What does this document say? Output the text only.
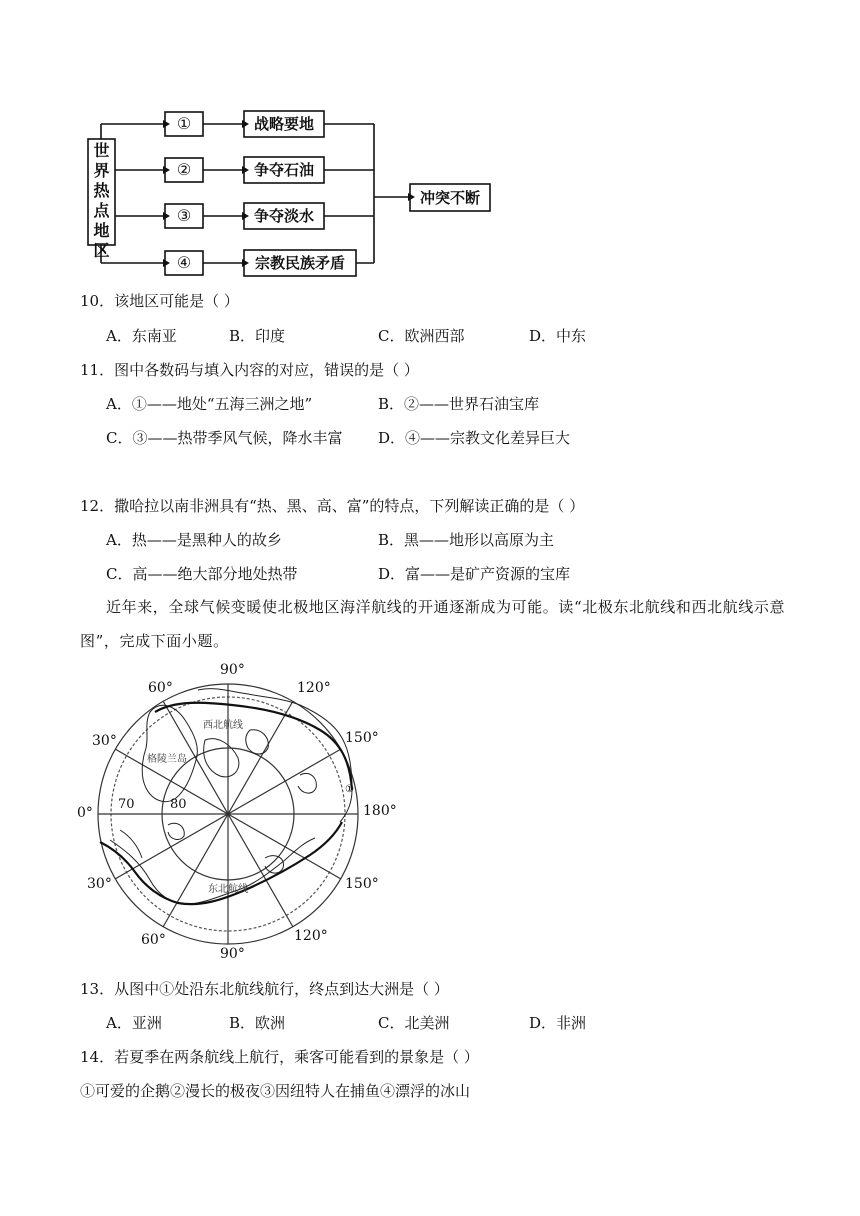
世界热点地区
①
②
③
④
战略要地
争夺石油
争夺淡水
宗教民族矛盾
冲突不断
10．该地区可能是（ ）
A．东南亚	B．印度	C．欧洲西部	D．中东
11．图中各数码与填入内容的对应，错误的是（ ）
A．①——地处“五海三洲之地”	B．②——世界石油宝库
C．③——热带季风气候，降水丰富 D．④——宗教文化差异巨大
12．撒哈拉以南非洲具有“热、黑、高、富”的特点，下列解读正确的是（ ）
A．热——是黑种人的故乡	B．黑——地形以高原为主
C．高——绝大部分地处热带	D．富——是矿产资源的宝库
近年来，全球气候变暖使北极地区海洋航线的开通逐渐成为可能。读“北极东北航线和西北航线示意
图”，完成下面小题。
90°
120°
150°
180°
150°
120°
90°
60°
30°
0°
30°
60°
70	80
西北航线
格陵兰岛
东北航线
①
13．从图中①处沿东北航线航行，终点到达大洲是（ ）
A．亚洲	B．欧洲	C．北美洲	D．非洲
14．若夏季在两条航线上航行，乘客可能看到的景象是（ ）
①可爱的企鹅②漫长的极夜③因纽特人在捕鱼④漂浮的冰山
